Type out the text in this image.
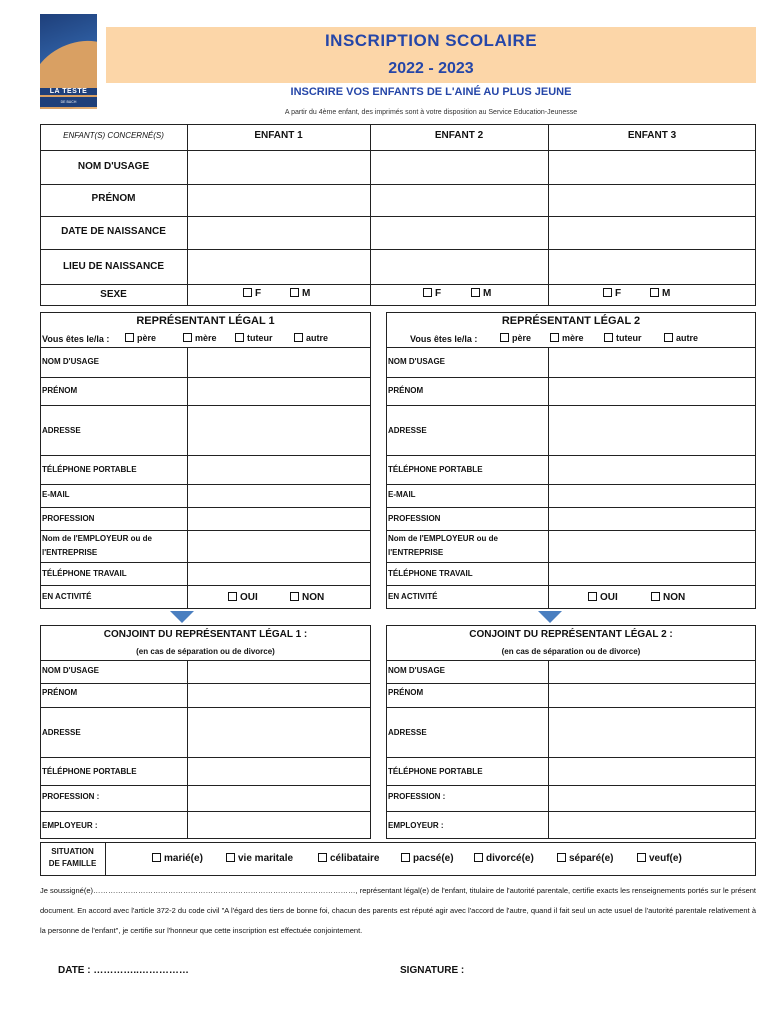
LA TESTE
DE BUCH
INSCRIPTION SCOLAIRE
2022 - 2023
INSCRIRE VOS ENFANTS DE L'AINÉ AU PLUS JEUNE
A partir du 4ème enfant, des imprimés sont à votre disposition au Service Education-Jeunesse
ENFANT(S) CONCERNÉ(S)	ENFANT 1	ENFANT 2	ENFANT 3
NOM D'USAGE
PRÉNOM
DATE DE NAISSANCE
LIEU DE NAISSANCE
SEXE	F	M	F	M	F	M
REPRÉSENTANT LÉGAL 1
Vous êtes le/la :	père	mère	tuteur	autre
REPRÉSENTANT LÉGAL 2
Vous êtes le/la :	père	mère	tuteur	autre
NOM D'USAGE
PRÉNOM
ADRESSE
TÉLÉPHONE PORTABLE
E-MAIL
PROFESSION
Nom de l'EMPLOYEUR ou de
l'ENTREPRISE
TÉLÉPHONE TRAVAIL
EN ACTIVITÉ	OUI	NON
NOM D'USAGE
PRÉNOM
ADRESSE
TÉLÉPHONE PORTABLE
E-MAIL
PROFESSION
Nom de l'EMPLOYEUR ou de
l'ENTREPRISE
TÉLÉPHONE TRAVAIL
EN ACTIVITÉ	OUI	NON
CONJOINT DU REPRÉSENTANT LÉGAL 1 :
(en cas de séparation ou de divorce)
CONJOINT DU REPRÉSENTANT LÉGAL 2 :
(en cas de séparation ou de divorce)
NOM D'USAGE
PRÉNOM
ADRESSE
TÉLÉPHONE PORTABLE
PROFESSION :
EMPLOYEUR :
NOM D'USAGE
PRÉNOM
ADRESSE
TÉLÉPHONE PORTABLE
PROFESSION :
EMPLOYEUR :
SITUATION
DE FAMILLE	marié(e)	vie maritale	célibataire	pacsé(e)	divorcé(e)	séparé(e)	veuf(e)
Je soussigné(e)……………………………………………………………………………………………, représentant légal(e) de l'enfant, titulaire de l'autorité parentale, certifie exacts les renseignements portés sur le présent document. En accord avec l'article 372-2 du code civil "A l'égard des tiers de bonne foi, chacun des parents est réputé agir avec l'accord de l'autre, quand il fait seul un acte usuel de l'autorité parentale relativement à la personne de l'enfant", je certifie sur l'honneur que cette inscription est effectuée conjointement.
DATE : …………..……………	SIGNATURE :
